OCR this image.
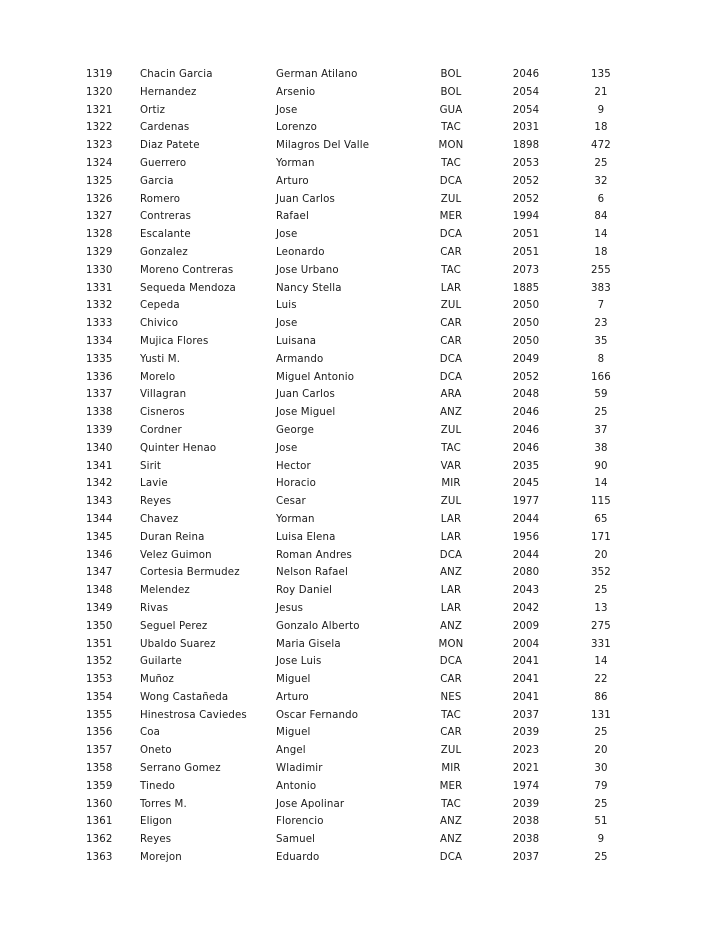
1319	Chacin Garcia	German Atilano	BOL	2046	135
1320	Hernandez	Arsenio	BOL	2054	21
1321	Ortiz	Jose	GUA	2054	9
1322	Cardenas	Lorenzo	TAC	2031	18
1323	Diaz Patete	Milagros Del Valle	MON	1898	472
1324	Guerrero	Yorman	TAC	2053	25
1325	Garcia	Arturo	DCA	2052	32
1326	Romero	Juan Carlos	ZUL	2052	6
1327	Contreras	Rafael	MER	1994	84
1328	Escalante	Jose	DCA	2051	14
1329	Gonzalez	Leonardo	CAR	2051	18
1330	Moreno Contreras	Jose Urbano	TAC	2073	255
1331	Sequeda Mendoza	Nancy Stella	LAR	1885	383
1332	Cepeda	Luis	ZUL	2050	7
1333	Chivico	Jose	CAR	2050	23
1334	Mujica Flores	Luisana	CAR	2050	35
1335	Yusti M.	Armando	DCA	2049	8
1336	Morelo	Miguel Antonio	DCA	2052	166
1337	Villagran	Juan Carlos	ARA	2048	59
1338	Cisneros	Jose Miguel	ANZ	2046	25
1339	Cordner	George	ZUL	2046	37
1340	Quinter Henao	Jose	TAC	2046	38
1341	Sirit	Hector	VAR	2035	90
1342	Lavie	Horacio	MIR	2045	14
1343	Reyes	Cesar	ZUL	1977	115
1344	Chavez	Yorman	LAR	2044	65
1345	Duran Reina	Luisa Elena	LAR	1956	171
1346	Velez Guimon	Roman Andres	DCA	2044	20
1347	Cortesia Bermudez	Nelson Rafael	ANZ	2080	352
1348	Melendez	Roy Daniel	LAR	2043	25
1349	Rivas	Jesus	LAR	2042	13
1350	Seguel Perez	Gonzalo Alberto	ANZ	2009	275
1351	Ubaldo Suarez	Maria Gisela	MON	2004	331
1352	Guilarte	Jose Luis	DCA	2041	14
1353	Muñoz	Miguel	CAR	2041	22
1354	Wong Castañeda	Arturo	NES	2041	86
1355	Hinestrosa Caviedes	Oscar Fernando	TAC	2037	131
1356	Coa	Miguel	CAR	2039	25
1357	Oneto	Angel	ZUL	2023	20
1358	Serrano Gomez	Wladimir	MIR	2021	30
1359	Tinedo	Antonio	MER	1974	79
1360	Torres M.	Jose Apolinar	TAC	2039	25
1361	Eligon	Florencio	ANZ	2038	51
1362	Reyes	Samuel	ANZ	2038	9
1363	Morejon	Eduardo	DCA	2037	25
